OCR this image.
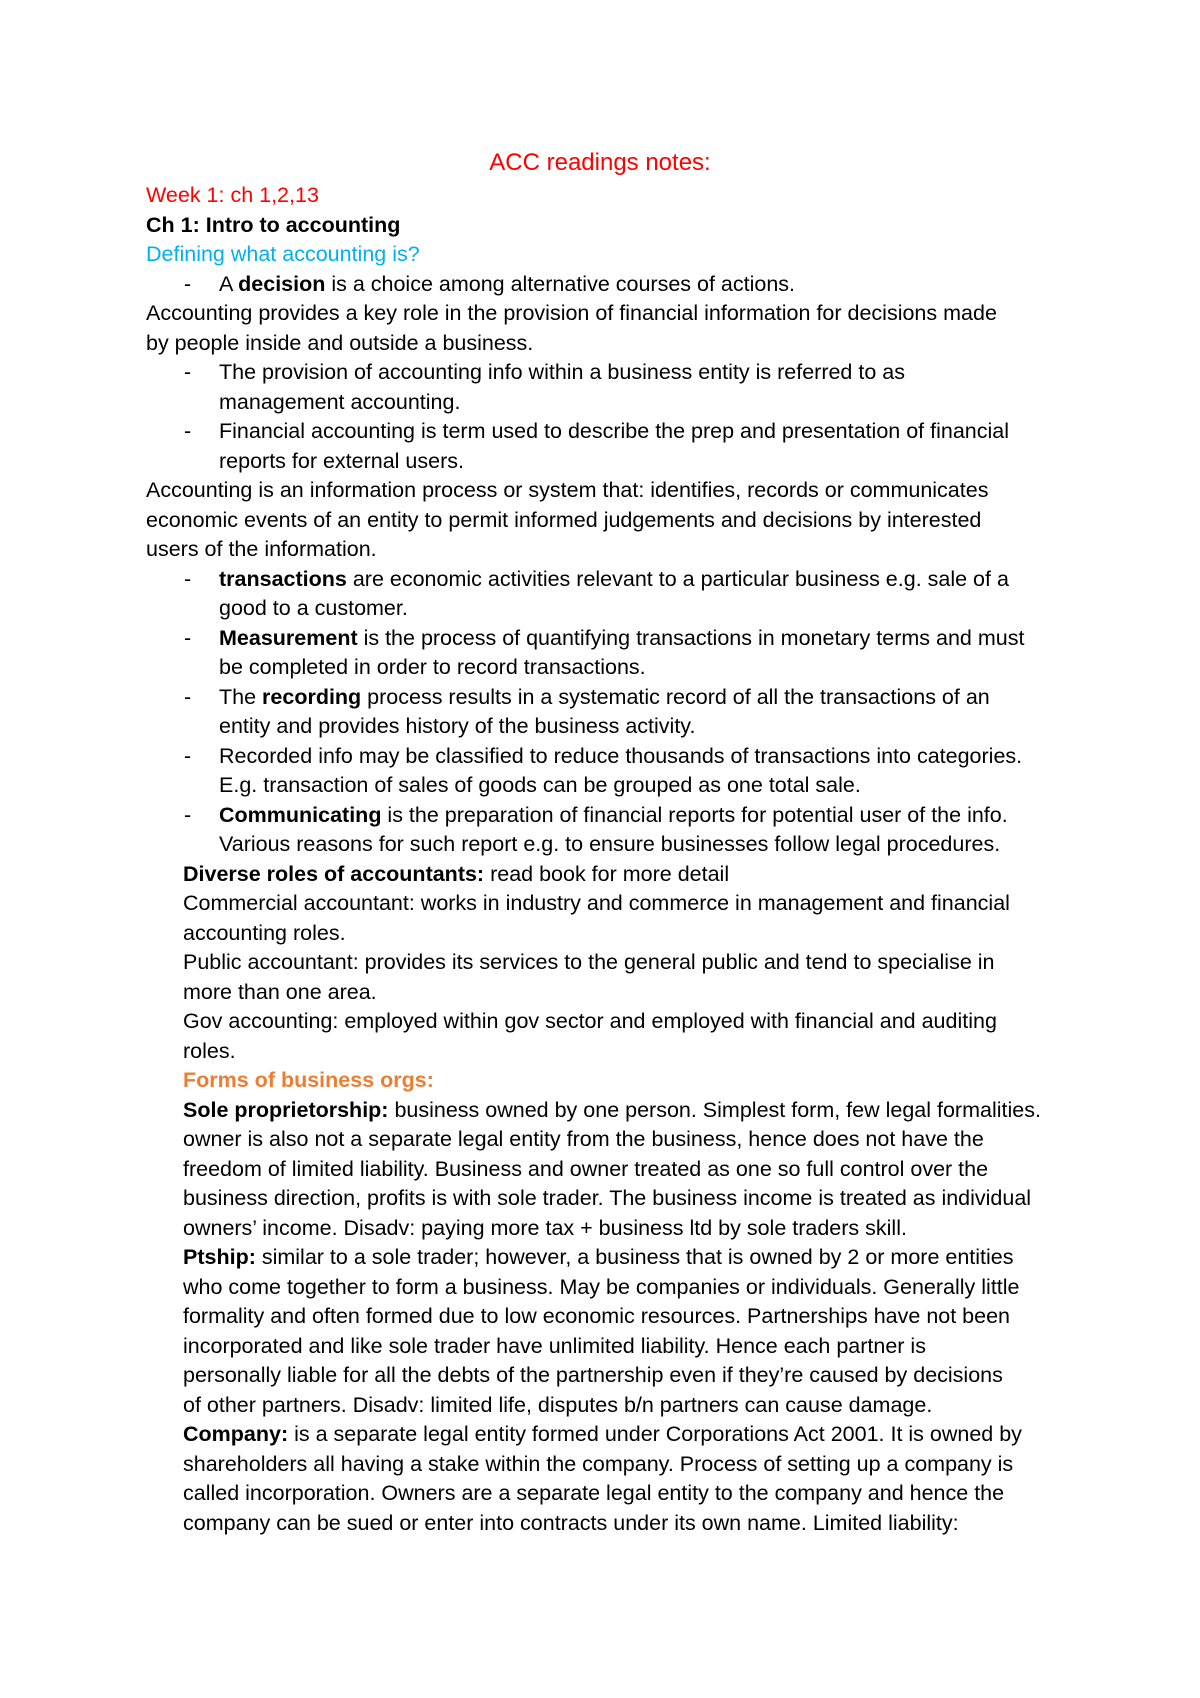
ACC readings notes:
Week 1: ch 1,2,13
Ch 1: Intro to accounting
Defining what accounting is?
- A decision is a choice among alternative courses of actions.
Accounting provides a key role in the provision of financial information for decisions made
by people inside and outside a business.
- The provision of accounting info within a business entity is referred to as
management accounting.
- Financial accounting is term used to describe the prep and presentation of financial
reports for external users.
Accounting is an information process or system that: identifies, records or communicates
economic events of an entity to permit informed judgements and decisions by interested
users of the information.
- transactions are economic activities relevant to a particular business e.g. sale of a
good to a customer.
- Measurement is the process of quantifying transactions in monetary terms and must
be completed in order to record transactions.
- The recording process results in a systematic record of all the transactions of an
entity and provides history of the business activity.
- Recorded info may be classified to reduce thousands of transactions into categories.
E.g. transaction of sales of goods can be grouped as one total sale.
- Communicating is the preparation of financial reports for potential user of the info.
Various reasons for such report e.g. to ensure businesses follow legal procedures.
Diverse roles of accountants: read book for more detail
Commercial accountant: works in industry and commerce in management and financial
accounting roles.
Public accountant: provides its services to the general public and tend to specialise in
more than one area.
Gov accounting: employed within gov sector and employed with financial and auditing
roles.
Forms of business orgs:
Sole proprietorship: business owned by one person. Simplest form, few legal formalities.
owner is also not a separate legal entity from the business, hence does not have the
freedom of limited liability. Business and owner treated as one so full control over the
business direction, profits is with sole trader. The business income is treated as individual
owners’ income. Disadv: paying more tax + business ltd by sole traders skill.
Ptship: similar to a sole trader; however, a business that is owned by 2 or more entities
who come together to form a business. May be companies or individuals. Generally little
formality and often formed due to low economic resources. Partnerships have not been
incorporated and like sole trader have unlimited liability. Hence each partner is
personally liable for all the debts of the partnership even if they’re caused by decisions
of other partners. Disadv: limited life, disputes b/n partners can cause damage.
Company: is a separate legal entity formed under Corporations Act 2001. It is owned by
shareholders all having a stake within the company. Process of setting up a company is
called incorporation. Owners are a separate legal entity to the company and hence the
company can be sued or enter into contracts under its own name. Limited liability:
